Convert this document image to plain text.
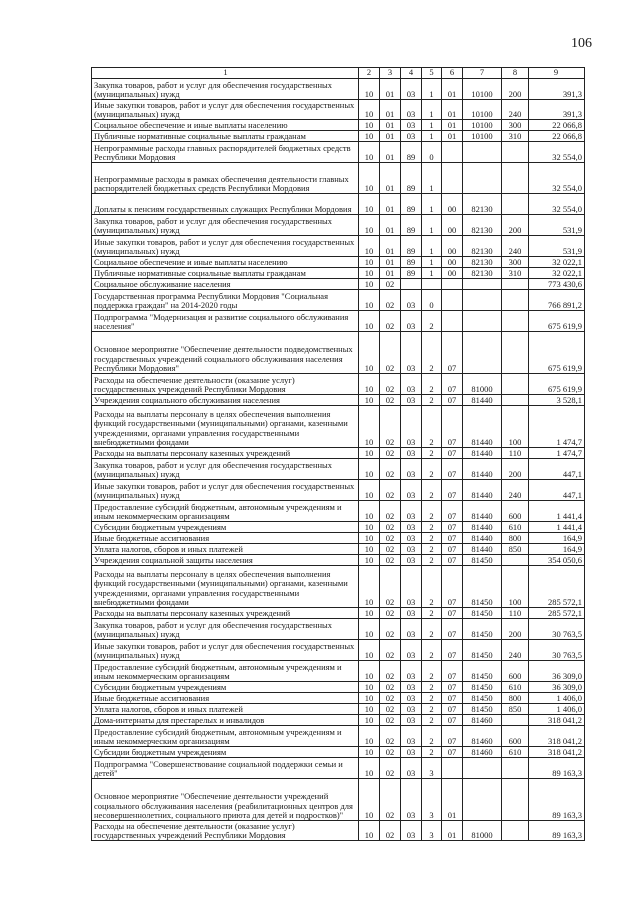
106
1	2	3	4	5	6	7	8	9
Закупка товаров, работ и услуг для обеспечения государственных (муниципальных) нужд	10	01	03	1	01	10100	200	391,3
Иные закупки товаров, работ и услуг для обеспечения государственных (муниципальных) нужд	10	01	03	1	01	10100	240	391,3
Социальное обеспечение и иные выплаты населению	10	01	03	1	01	10100	300	22 066,8
Публичные нормативные социальные выплаты гражданам	10	01	03	1	01	10100	310	22 066,8
Непрограммные расходы главных распорядителей бюджетных средств Республики Мордовия	10	01	89	0				32 554,0
Непрограммные расходы в рамках обеспечения деятельности главных распорядителей бюджетных средств Республики Мордовия	10	01	89	1				32 554,0
Доплаты к пенсиям государственных служащих Республики Мордовия	10	01	89	1	00	82130		32 554,0
Закупка товаров, работ и услуг для обеспечения государственных (муниципальных) нужд	10	01	89	1	00	82130	200	531,9
Иные закупки товаров, работ и услуг для обеспечения государственных (муниципальных) нужд	10	01	89	1	00	82130	240	531,9
Социальное обеспечение и иные выплаты населению	10	01	89	1	00	82130	300	32 022,1
Публичные нормативные социальные выплаты гражданам	10	01	89	1	00	82130	310	32 022,1
Социальное обслуживание населения	10	02						773 430,6
Государственная программа Республики Мордовия "Социальная поддержка граждан" на 2014-2020 годы	10	02	03	0				766 891,2
Подпрограмма "Модернизация и развитие социального обслуживания населения"	10	02	03	2				675 619,9
Основное мероприятие "Обеспечение деятельности подведомственных государственных учреждений социального обслуживания населения Республики Мордовия"	10	02	03	2	07			675 619,9
Расходы на обеспечение деятельности (оказание услуг) государственных учреждений Республики Мордовия	10	02	03	2	07	81000		675 619,9
Учреждения социального обслуживания населения	10	02	03	2	07	81440		3 528,1
Расходы на выплаты персоналу в целях обеспечения выполнения функций государственными (муниципальными) органами, казенными учреждениями, органами управления государственными внебюджетными фондами	10	02	03	2	07	81440	100	1 474,7
Расходы на выплаты персоналу казенных учреждений	10	02	03	2	07	81440	110	1 474,7
Закупка товаров, работ и услуг для обеспечения государственных (муниципальных) нужд	10	02	03	2	07	81440	200	447,1
Иные закупки товаров, работ и услуг для обеспечения государственных (муниципальных) нужд	10	02	03	2	07	81440	240	447,1
Предоставление субсидий бюджетным, автономным учреждениям и иным некоммерческим организациям	10	02	03	2	07	81440	600	1 441,4
Субсидии бюджетным учреждениям	10	02	03	2	07	81440	610	1 441,4
Иные бюджетные ассигнования	10	02	03	2	07	81440	800	164,9
Уплата налогов, сборов и иных платежей	10	02	03	2	07	81440	850	164,9
Учреждения социальной защиты населения	10	02	03	2	07	81450		354 050,6
Расходы на выплаты персоналу в целях обеспечения выполнения функций государственными (муниципальными) органами, казенными учреждениями, органами управления государственными внебюджетными фондами	10	02	03	2	07	81450	100	285 572,1
Расходы на выплаты персоналу казенных учреждений	10	02	03	2	07	81450	110	285 572,1
Закупка товаров, работ и услуг для обеспечения государственных (муниципальных) нужд	10	02	03	2	07	81450	200	30 763,5
Иные закупки товаров, работ и услуг для обеспечения государственных (муниципальных) нужд	10	02	03	2	07	81450	240	30 763,5
Предоставление субсидий бюджетным, автономным учреждениям и иным некоммерческим организациям	10	02	03	2	07	81450	600	36 309,0
Субсидии бюджетным учреждениям	10	02	03	2	07	81450	610	36 309,0
Иные бюджетные ассигнования	10	02	03	2	07	81450	800	1 406,0
Уплата налогов, сборов и иных платежей	10	02	03	2	07	81450	850	1 406,0
Дома-интернаты для престарелых и инвалидов	10	02	03	2	07	81460		318 041,2
Предоставление субсидий бюджетным, автономным учреждениям и иным некоммерческим организациям	10	02	03	2	07	81460	600	318 041,2
Субсидии бюджетным учреждениям	10	02	03	2	07	81460	610	318 041,2
Подпрограмма "Совершенствование социальной поддержки семьи и детей"	10	02	03	3				89 163,3
Основное мероприятие "Обеспечение деятельности учреждений социального обслуживания населения (реабилитационных центров для несовершеннолетних, социального приюта для детей и подростков)"	10	02	03	3	01			89 163,3
Расходы на обеспечение деятельности (оказание услуг) государственных учреждений Республики Мордовия	10	02	03	3	01	81000		89 163,3
